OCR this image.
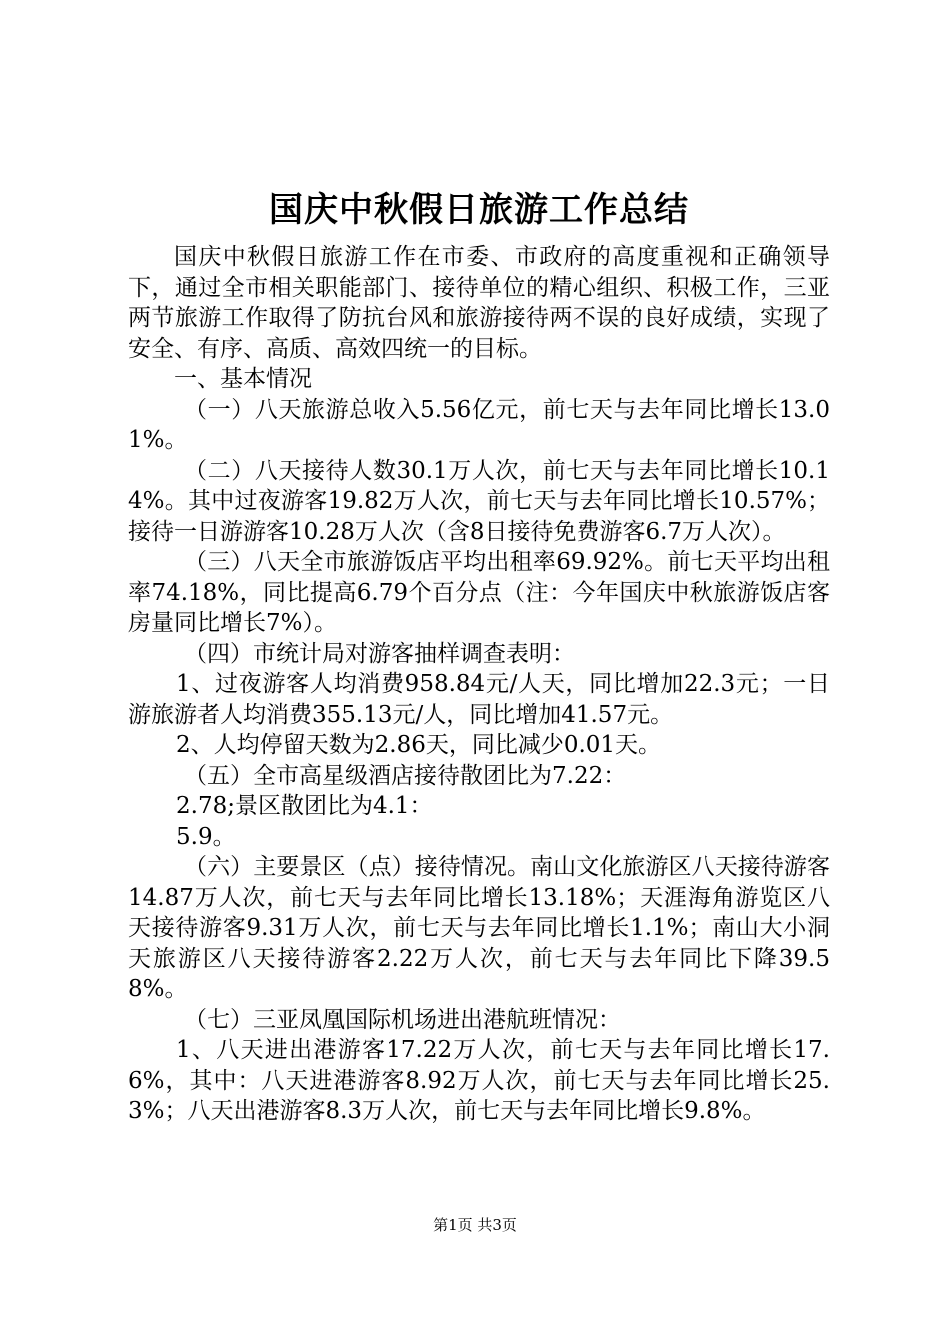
国庆中秋假日旅游工作总结

国庆中秋假日旅游工作在市委、市政府的高度重视和正确领导下，通过全市相关职能部门、接待单位的精心组织、积极工作，三亚两节旅游工作取得了防抗台风和旅游接待两不误的良好成绩，实现了安全、有序、高质、高效四统一的目标。

一、基本情况

（一）八天旅游总收入5.56亿元，前七天与去年同比增长13.01%。

（二）八天接待人数30.1万人次，前七天与去年同比增长10.14%。其中过夜游客19.82万人次，前七天与去年同比增长10.57%；接待一日游游客10.28万人次（含8日接待免费游客6.7万人次）。

（三）八天全市旅游饭店平均出租率69.92%。前七天平均出租率74.18%，同比提高6.79个百分点（注：今年国庆中秋旅游饭店客房量同比增长7%）。

（四）市统计局对游客抽样调查表明：

1、过夜游客人均消费958.84元/人天，同比增加22.3元；一日游旅游者人均消费355.13元/人，同比增加41.57元。

2、人均停留天数为2.86天，同比减少0.01天。

（五）全市高星级酒店接待散团比为7.22：

2.78;景区散团比为4.1：

5.9。

（六）主要景区（点）接待情况。南山文化旅游区八天接待游客14.87万人次，前七天与去年同比增长13.18%；天涯海角游览区八天接待游客9.31万人次，前七天与去年同比增长1.1%；南山大小洞天旅游区八天接待游客2.22万人次，前七天与去年同比下降39.58%。

（七）三亚凤凰国际机场进出港航班情况：

1、八天进出港游客17.22万人次，前七天与去年同比增长17.6%，其中：八天进港游客8.92万人次，前七天与去年同比增长25.3%；八天出港游客8.3万人次，前七天与去年同比增长9.8%。

第1页 共3页
